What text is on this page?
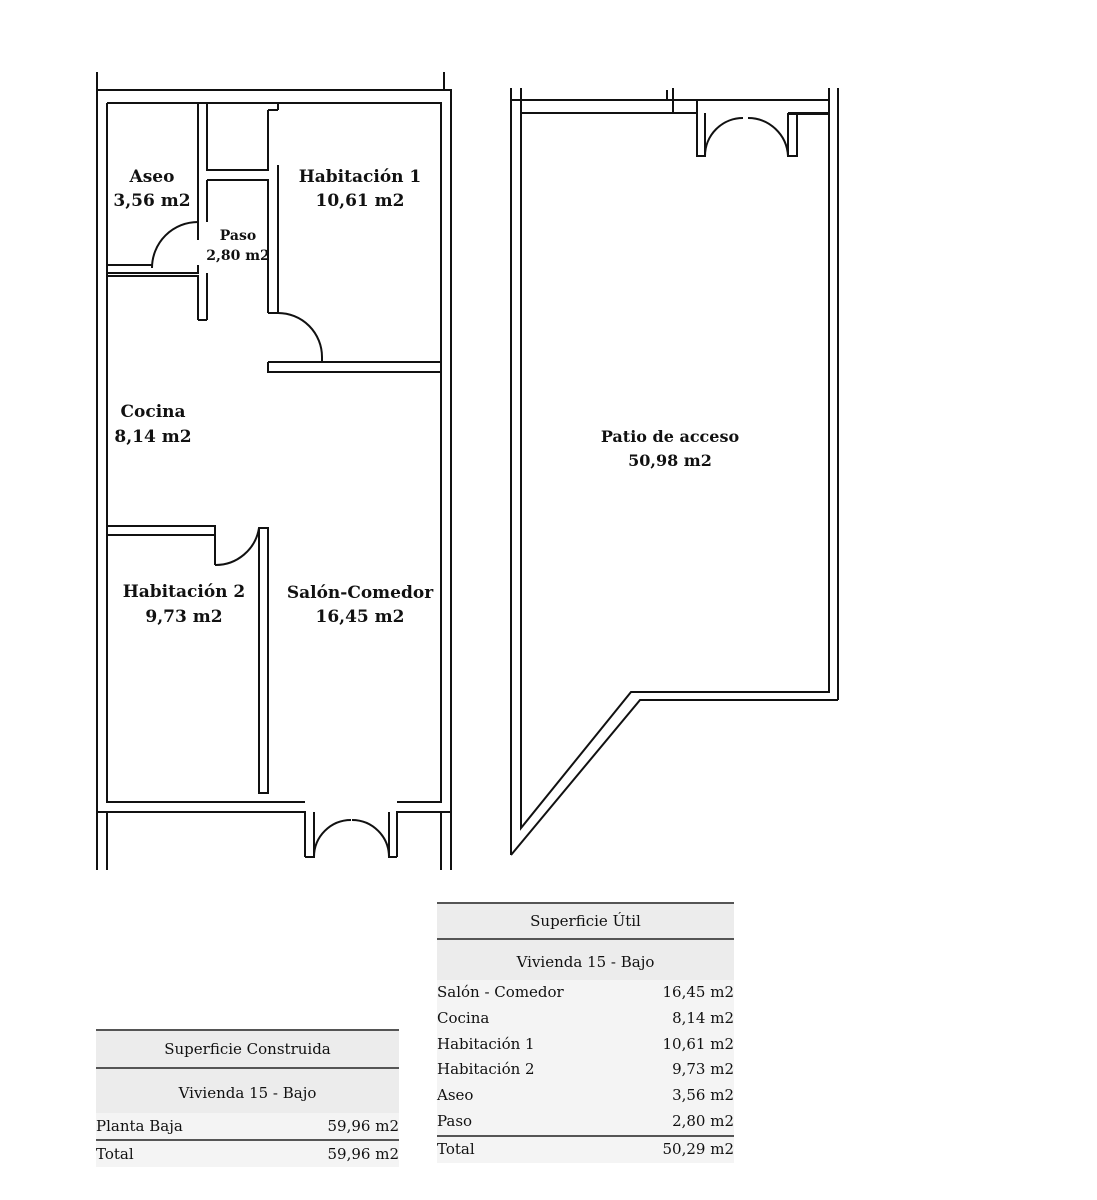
Aseo
3,56 m2
Habitación 1
10,61 m2
Paso
2,80 m2
Cocina
8,14 m2
Habitación 2
9,73 m2
Salón-Comedor
16,45 m2
Patio de acceso
50,98 m2
Superficie Útil
Vivienda 15 - Bajo
Salón - Comedor	16,45 m2
Cocina	8,14 m2
Habitación 1	10,61 m2
Habitación 2	9,73 m2
Aseo	3,56 m2
Paso	2,80 m2
Total	50,29 m2
Superficie Construida
Vivienda 15 - Bajo
Planta Baja	59,96 m2
Total	59,96 m2
